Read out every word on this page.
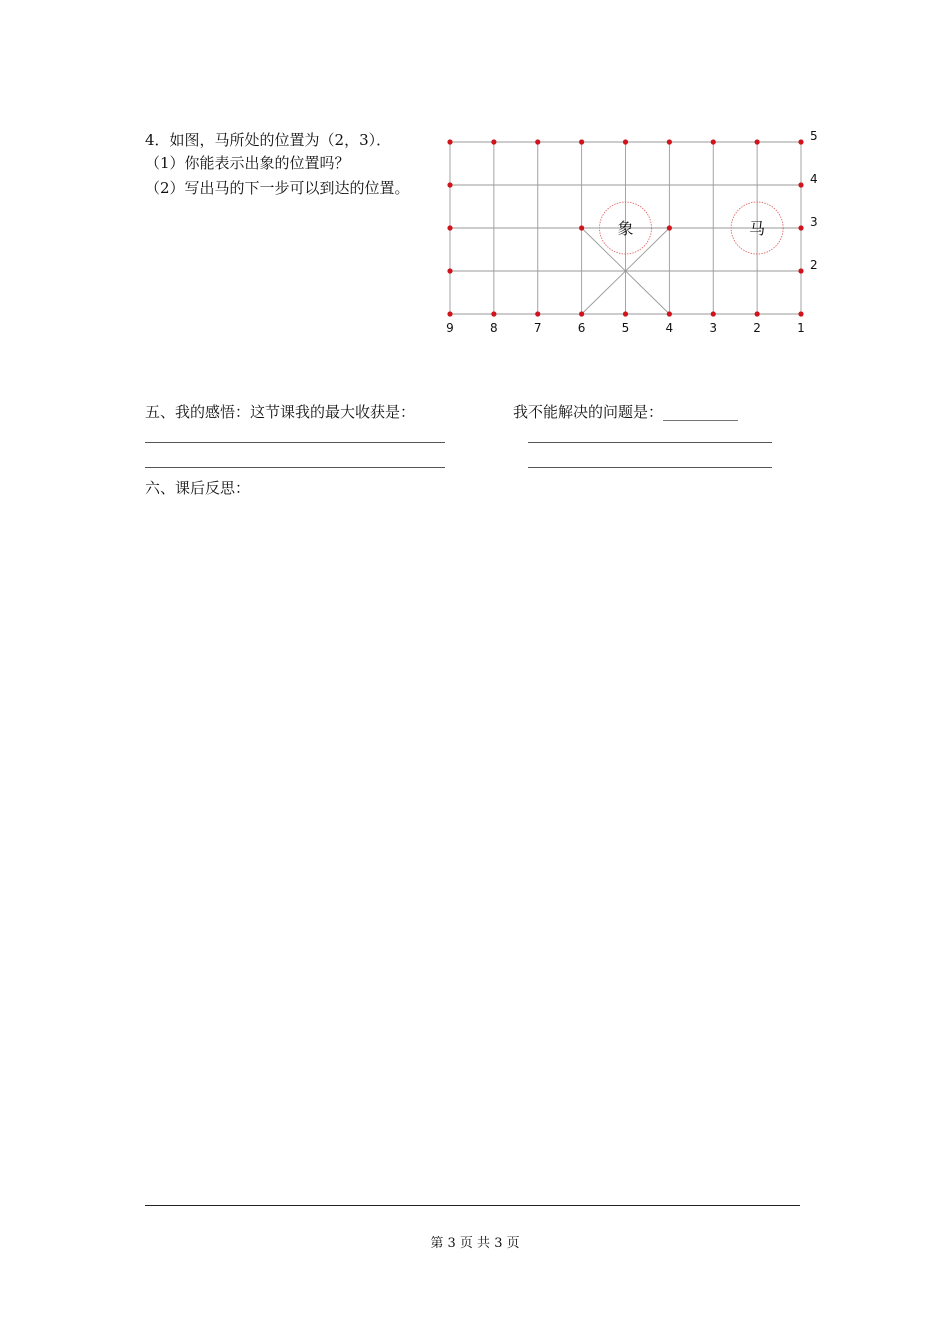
4．如图，马所处的位置为（2，3）．
（1）你能表示出象的位置吗？
（2）写出马的下一步可以到达的位置。
9	8	7	6	5	4	3	2	1
5
4
3
2
象	马
五、我的感悟：这节课我的最大收获是：	我不能解决的问题是：__________
六、课后反思：
第 3 页 共 3 页
